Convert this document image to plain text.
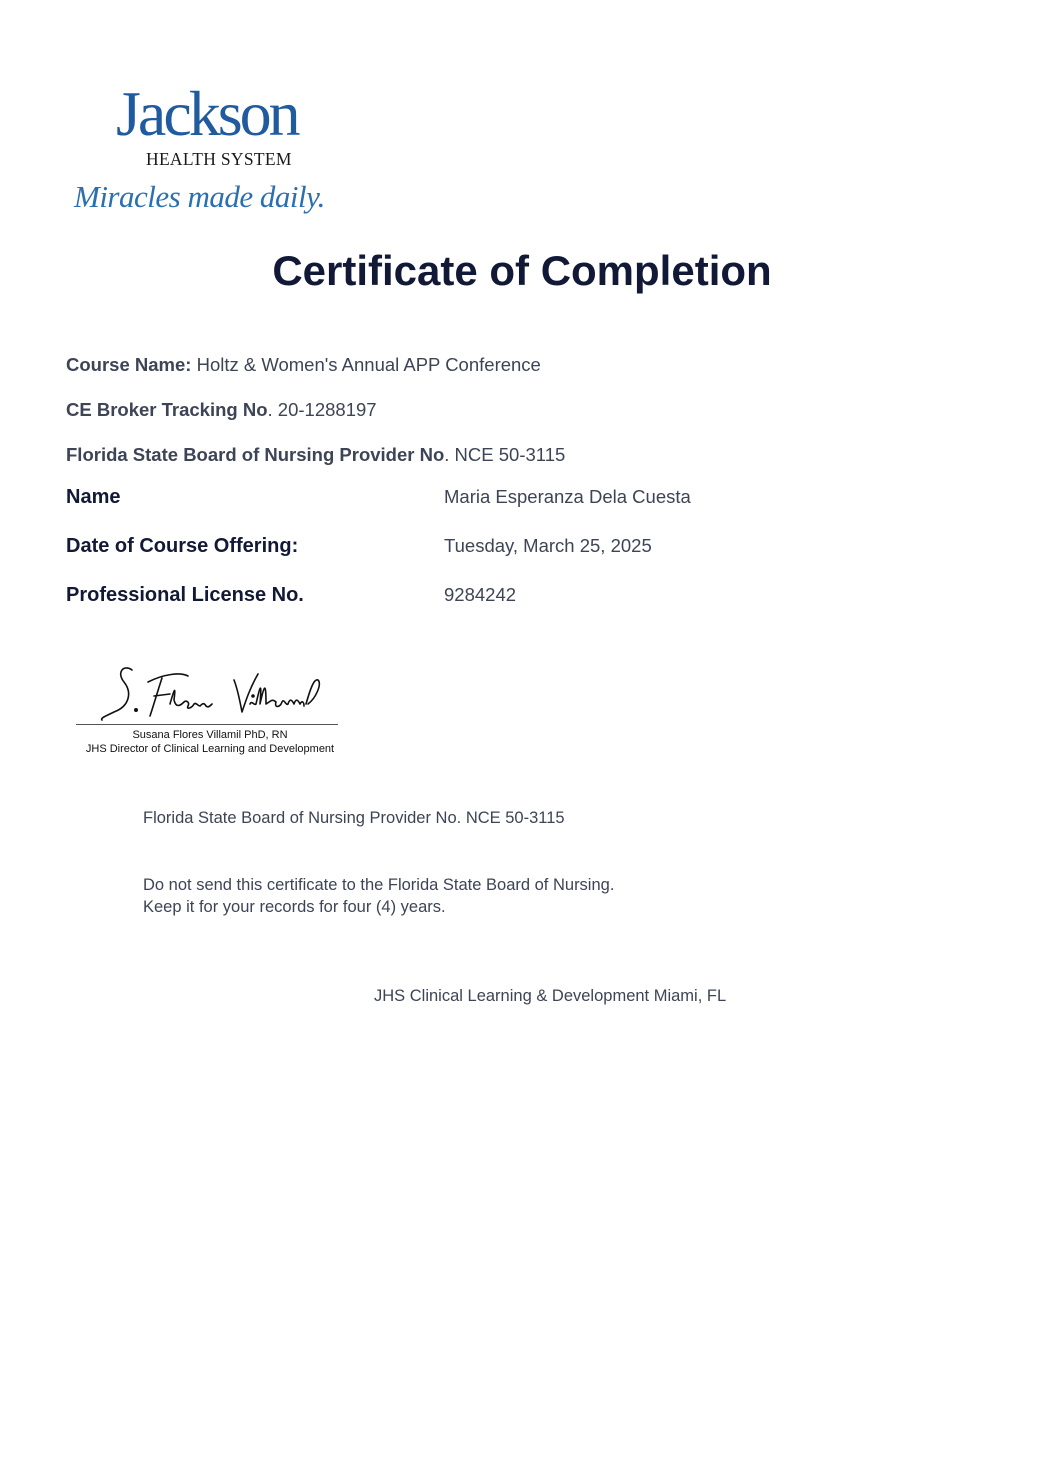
Jackson
HEALTH SYSTEM
Miracles made daily.
Certificate of Completion
Course Name: Holtz & Women's Annual APP Conference
CE Broker Tracking No. 20-1288197
Florida State Board of Nursing Provider No. NCE 50-3115
Name	Maria Esperanza Dela Cuesta
Date of Course Offering:	Tuesday, March 25, 2025
Professional License No.	9284242
Susana Flores Villamil PhD, RN
JHS Director of Clinical Learning and Development
Florida State Board of Nursing Provider No. NCE 50-3115
Do not send this certificate to the Florida State Board of Nursing.
Keep it for your records for four (4) years.
JHS Clinical Learning & Development Miami, FL
